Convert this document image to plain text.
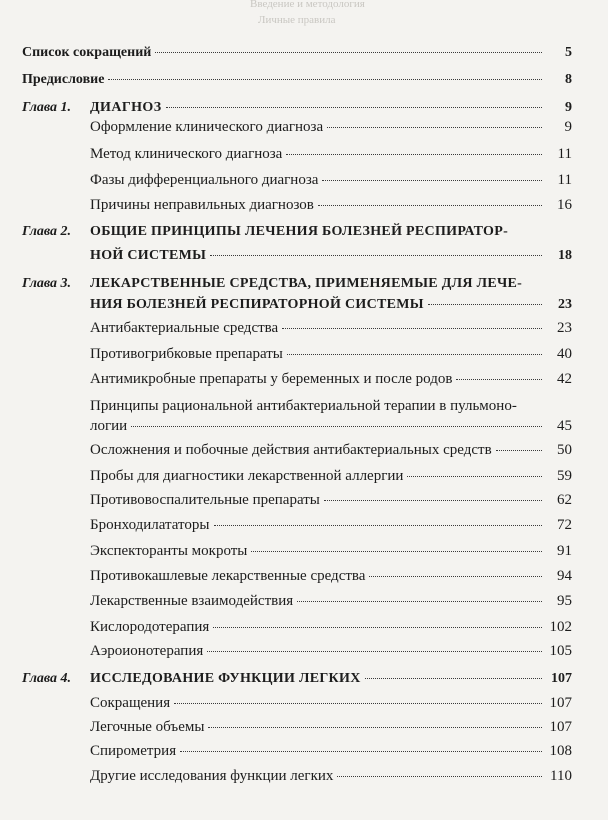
Введение и методология
Личные правила
Список сокращений	5
Предисловие	8
Глава 1. ДИАГНОЗ	9
Оформление клинического диагноза	9
Метод клинического диагноза	11
Фазы дифференциального диагноза	11
Причины неправильных диагнозов	16
Глава 2. ОБЩИЕ ПРИНЦИПЫ ЛЕЧЕНИЯ БОЛЕЗНЕЙ РЕСПИРАТОР-
НОЙ СИСТЕМЫ	18
Глава 3. ЛЕКАРСТВЕННЫЕ СРЕДСТВА, ПРИМЕНЯЕМЫЕ ДЛЯ ЛЕЧЕ-
НИЯ БОЛЕЗНЕЙ РЕСПИРАТОРНОЙ СИСТЕМЫ	23
Антибактериальные средства	23
Противогрибковые препараты	40
Антимикробные препараты у беременных и после родов	42
Принципы рациональной антибактериальной терапии в пульмоно-
логии	45
Осложнения и побочные действия антибактериальных средств	50
Пробы для диагностики лекарственной аллергии	59
Противовоспалительные препараты	62
Бронходилататоры	72
Экспекторанты мокроты	91
Противокашлевые лекарственные средства	94
Лекарственные взаимодействия	95
Кислородотерапия	102
Аэроионотерапия	105
Глава 4. ИССЛЕДОВАНИЕ ФУНКЦИИ ЛЕГКИХ	107
Сокращения	107
Легочные объемы	107
Спирометрия	108
Другие исследования функции легких	110
